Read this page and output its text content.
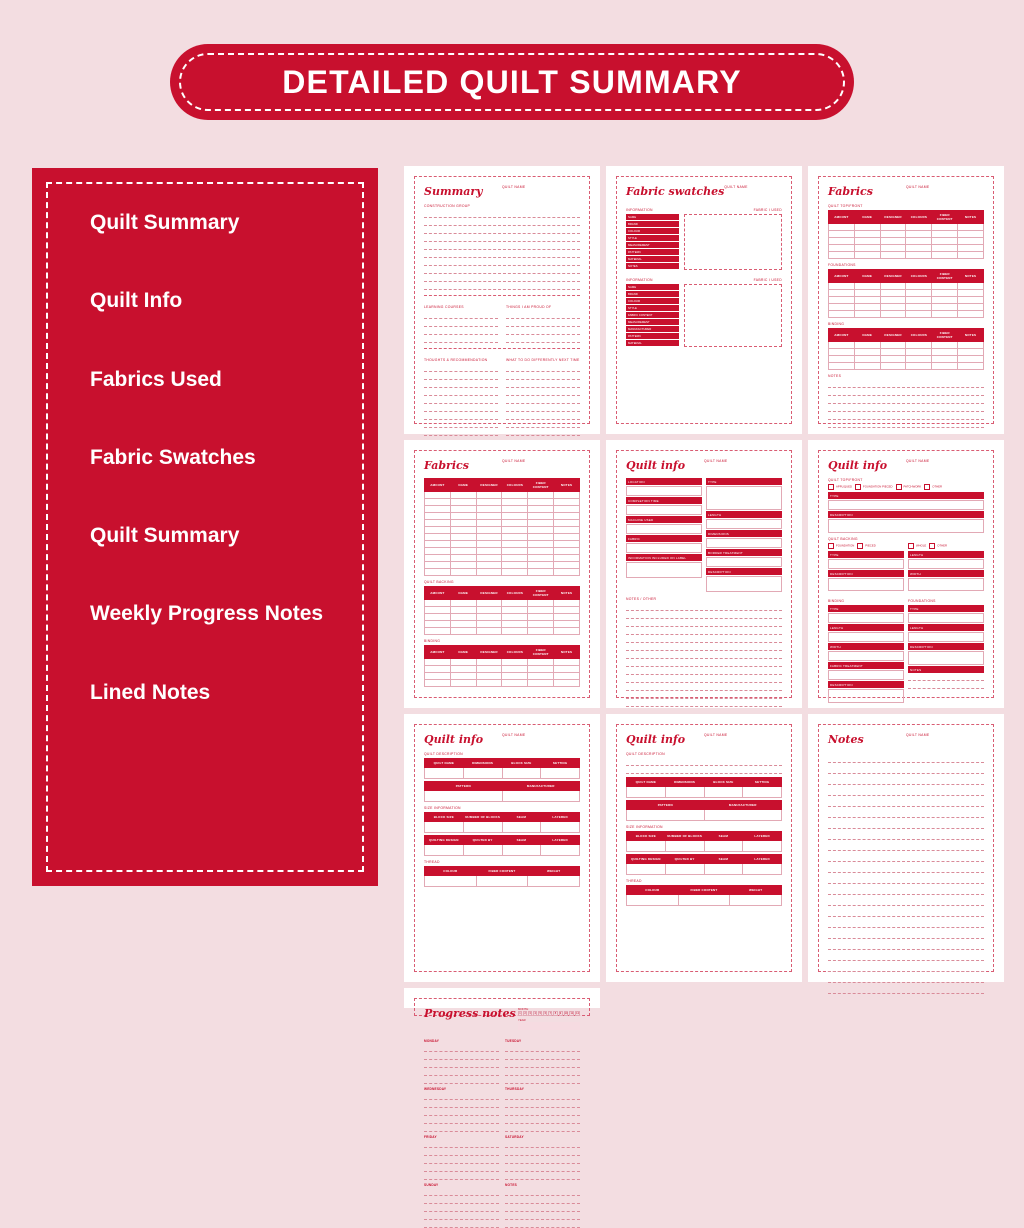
DETAILED QUILT SUMMARY
Quilt Summary
Quilt Info
Fabrics Used
Fabric Swatches
Quilt Summary
Weekly Progress Notes
Lined Notes
Summary	QUILT NAME
CONSTRUCTION GROUP
LEARNING COURSES	THINGS I AM PROUD OF
THOUGHTS & RECOMMENDATION	WHAT TO DO DIFFERENTLY NEXT TIME
Fabric swatches QUILT NAME
INFORMATION	FABRIC I USED
NAME
BRAND
COLOUR
STYLE
MEASUREMENT
PATTERN
MATERIAL
NOTES
INFORMATION	FABRIC I USED
NAME
BRAND
COLOUR
STYLE
FABRIC CONTENT
MEASUREMENT
MANUFACTURER
PATTERN
MATERIAL
Fabrics	QUILT NAME
QUILT TOP/FRONT
AMOUNT	NAME	DESIGNER	COLOURS	FIBER CONTENT	NOTES

FOUNDATIONS
AMOUNT	NAME	DESIGNER	COLOURS	FIBER CONTENT	NOTES

BINDING
AMOUNT	NAME	DESIGNER	COLOURS	FIBER CONTENT	NOTES

NOTES
Fabrics	QUILT NAME
AMOUNT	NAME	DESIGNER	COLOURS	FIBER CONTENT	NOTES

QUILT BACKING
AMOUNT	NAME	DESIGNER	COLOURS	FIBER CONTENT	NOTES

BINDING
AMOUNT	NAME	DESIGNER	COLOURS	FIBER CONTENT	NOTES

Quilt info	QUILT NAME
LOCATION
COMPLETION TIME
MACHINE USED
FABRIC
INFORMATION INCLUDED ON LABEL
TYPE
LENGTH
DIMENSIONS
BORDER TREATMENT
DESCRIPTION
NOTES / OTHER
Quilt info	QUILT NAME
QUILT TOP/FRONT
APPLIQUED	FOUNDATION PIECED	PATCHWORK	OTHER
TYPE
DESCRIPTION
QUILT BACKING
FOUNDATION	PIECED
TYPE
DESCRIPTION
WHOLE	OTHER
LENGTH
WIDTH
BINDING
TYPE
LENGTH
WIDTH
FABRIC TREATMENT
DESCRIPTION
FOUNDATIONS
TYPE
LENGTH
DESCRIPTION
NOTES
Quilt info	QUILT NAME
QUILT DESCRIPTION
QUILT NAME	DIMENSIONS	BLOCK SIZE	SETTING

PATTERN	MANUFACTURER

SIZE INFORMATION
BLOCK SIZE	NUMBER OF BLOCKS	SEAM	LAYERED

QUILTING DESIGN	QUILTED BY	SEAM	LAYERED

THREAD
COLOUR	FIBER CONTENT	WEIGHT

Quilt info	QUILT NAME
QUILT DESCRIPTION
QUILT NAME	DIMENSIONS	BLOCK SIZE	SETTING

PATTERN	MANUFACTURER

SIZE INFORMATION
BLOCK SIZE	NUMBER OF BLOCKS	SEAM	LAYERED

QUILTING DESIGN	QUILTED BY	SEAM	LAYERED

THREAD
COLOUR	FIBER CONTENT	WEIGHT

Notes	QUILT NAME
Progress notes MONTH
1	2	3	4	5	6	7	8	9	10	11	12
YEAR
MONDAY
WEDNESDAY
FRIDAY
SUNDAY
TUESDAY
THURSDAY
SATURDAY
NOTES
